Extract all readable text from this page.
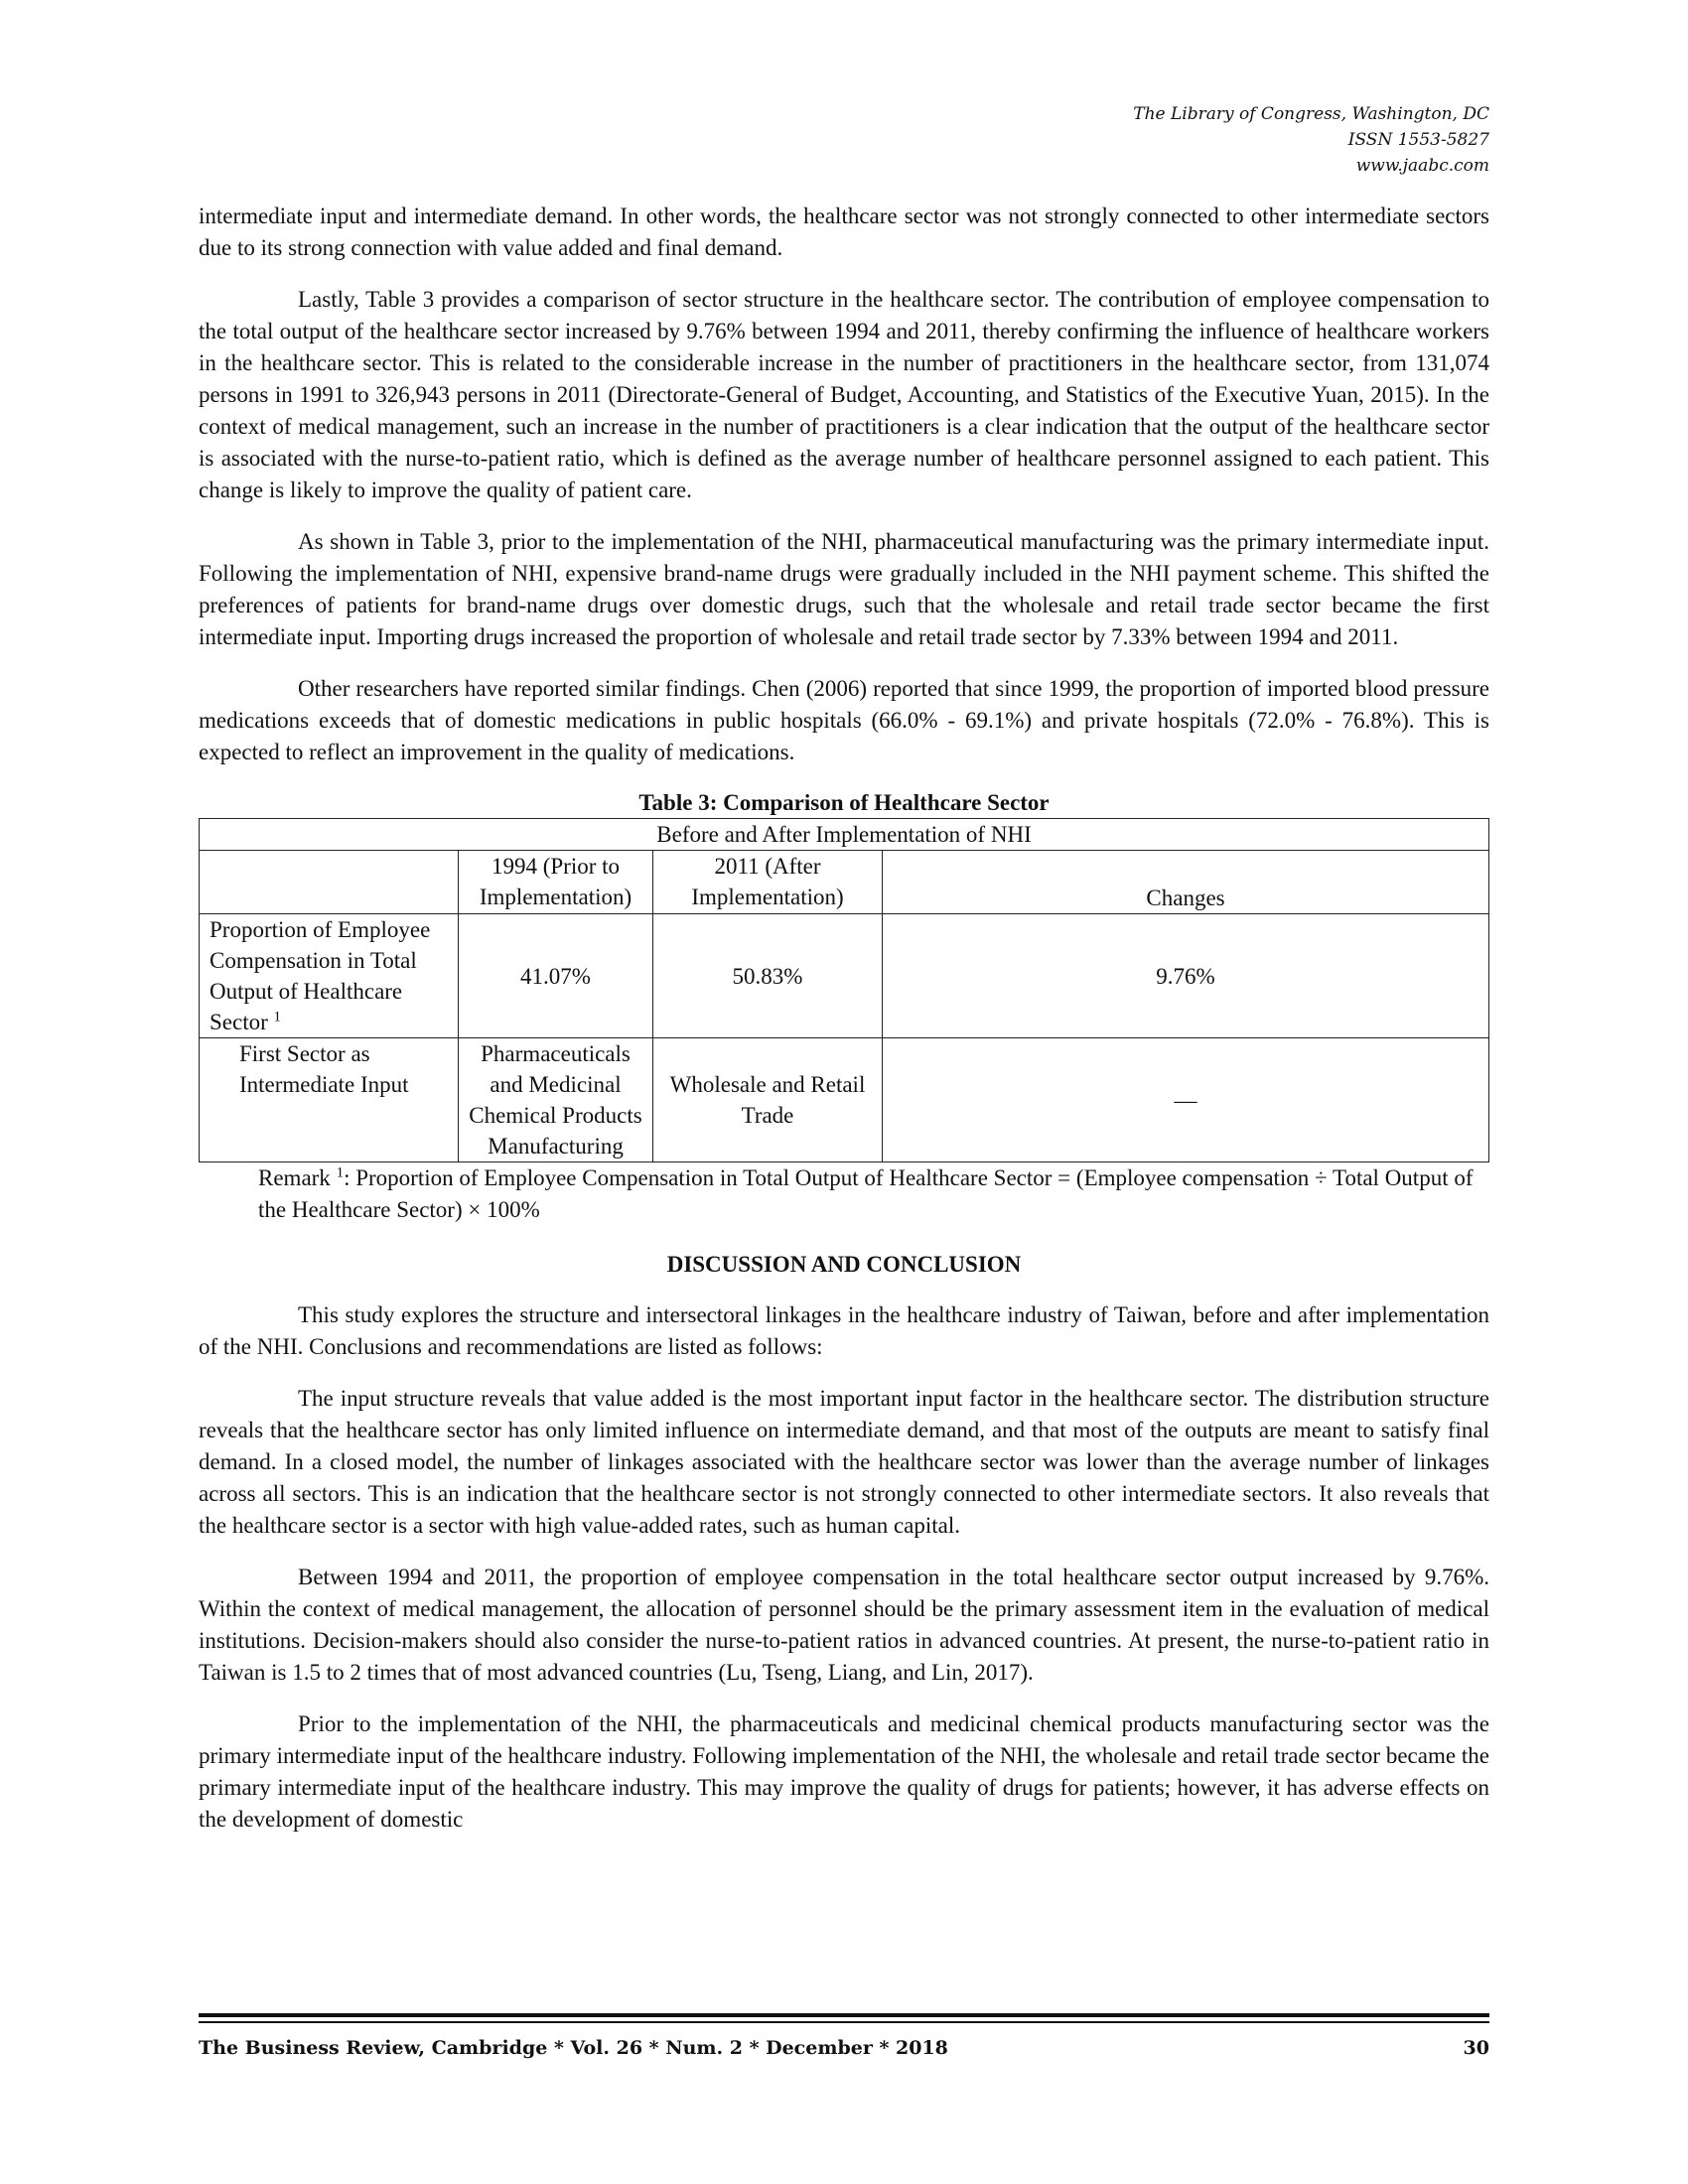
The Library of Congress, Washington, DC
ISSN 1553-5827
www.jaabc.com

intermediate input and intermediate demand. In other words, the healthcare sector was not strongly connected to other intermediate sectors due to its strong connection with value added and final demand.

Lastly, Table 3 provides a comparison of sector structure in the healthcare sector. The contribution of employee compensation to the total output of the healthcare sector increased by 9.76% between 1994 and 2011, thereby confirming the influence of healthcare workers in the healthcare sector. This is related to the considerable increase in the number of practitioners in the healthcare sector, from 131,074 persons in 1991 to 326,943 persons in 2011 (Directorate-General of Budget, Accounting, and Statistics of the Executive Yuan, 2015). In the context of medical management, such an increase in the number of practitioners is a clear indication that the output of the healthcare sector is associated with the nurse-to-patient ratio, which is defined as the average number of healthcare personnel assigned to each patient. This change is likely to improve the quality of patient care.

As shown in Table 3, prior to the implementation of the NHI, pharmaceutical manufacturing was the primary intermediate input. Following the implementation of NHI, expensive brand-name drugs were gradually included in the NHI payment scheme. This shifted the preferences of patients for brand-name drugs over domestic drugs, such that the wholesale and retail trade sector became the first intermediate input. Importing drugs increased the proportion of wholesale and retail trade sector by 7.33% between 1994 and 2011.

Other researchers have reported similar findings. Chen (2006) reported that since 1999, the proportion of imported blood pressure medications exceeds that of domestic medications in public hospitals (66.0% - 69.1%) and private hospitals (72.0% - 76.8%). This is expected to reflect an improvement in the quality of medications.

Table 3: Comparison of Healthcare Sector
Before and After Implementation of NHI			
	1994 (Prior to Implementation)	2011 (After Implementation)	Changes
Proportion of Employee Compensation in Total Output of Healthcare Sector $^1$	41.07%	50.83%	9.76%
First Sector as Intermediate Input	Pharmaceuticals and Medicinal Chemical Products Manufacturing	Wholesale and Retail Trade	—

Remark $^1$: Proportion of Employee Compensation in Total Output of Healthcare Sector = (Employee compensation ÷ Total Output of the Healthcare Sector) × 100%

DISCUSSION AND CONCLUSION

This study explores the structure and intersectoral linkages in the healthcare industry of Taiwan, before and after implementation of the NHI. Conclusions and recommendations are listed as follows:

The input structure reveals that value added is the most important input factor in the healthcare sector. The distribution structure reveals that the healthcare sector has only limited influence on intermediate demand, and that most of the outputs are meant to satisfy final demand. In a closed model, the number of linkages associated with the healthcare sector was lower than the average number of linkages across all sectors. This is an indication that the healthcare sector is not strongly connected to other intermediate sectors. It also reveals that the healthcare sector is a sector with high value-added rates, such as human capital.

Between 1994 and 2011, the proportion of employee compensation in the total healthcare sector output increased by 9.76%. Within the context of medical management, the allocation of personnel should be the primary assessment item in the evaluation of medical institutions. Decision-makers should also consider the nurse-to-patient ratios in advanced countries. At present, the nurse-to-patient ratio in Taiwan is 1.5 to 2 times that of most advanced countries (Lu, Tseng, Liang, and Lin, 2017).

Prior to the implementation of the NHI, the pharmaceuticals and medicinal chemical products manufacturing sector was the primary intermediate input of the healthcare industry. Following implementation of the NHI, the wholesale and retail trade sector became the primary intermediate input of the healthcare industry. This may improve the quality of drugs for patients; however, it has adverse effects on the development of domestic

The Business Review, Cambridge * Vol. 26 * Num. 2 * December * 2018	30
